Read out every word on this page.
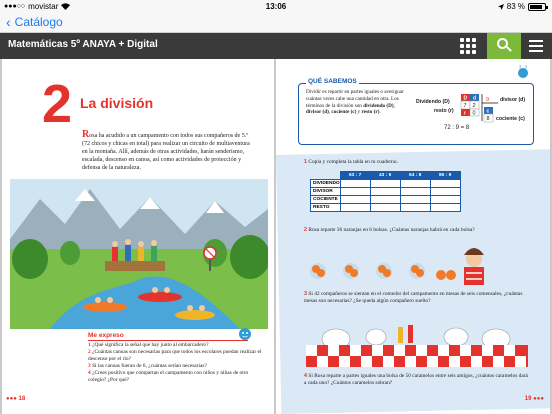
●●●○○ movistar	13:06	83 %
‹ Catálogo
Matemáticas 5º ANAYA + Digital
2 La división
Rosa ha acudido a un campamento con todos sus compañeros de 5.º (72 chicos y chicas en total) para realizar un circuito de multiaventura en la montaña. Allí, además de otras actividades, harán senderismo, escalada, descenso en canoa, así como actividades de protección y defensa de la naturaleza.
Me expreso
1 ¿Qué significa la señal que hay junto al embarcadero?
2 ¿Cuántas canoas son necesarias para que todos los escolares puedan realizar el descenso por el río?
3 Si las canoas fueran de 6, ¿cuántas serían necesarias?
4 ¿Crees positivo que compartan el campamento con niños y niñas de otro colegio? ¿Por qué?
●●● 18
QUÉ SABEMOS
? ?
Dividir es repartir en partes iguales o averiguar cuántas veces cabe una cantidad en otra. Los términos de la división son dividendo (D), divisor (d), cociente (c) y resto (r).
Dividendo (D)
resto (r)
D d
7 2
r 0
9 divisor (d)
c
8 cociente (c)
72 : 9 = 8
1 Copia y completa la tabla en tu cuaderno.
	63 : 7	43 : 6	64 : 8	85 : 9
DIVIDENDO				
DIVISOR				
COCIENTE				
RESTO				
2 Rosa reparte 36 naranjas en 6 bolsas. ¿Cuántas naranjas habrá en cada bolsa?
3 Si 42 compañeros se sientan en el comedor del campamento en mesas de seis comensales, ¿cuántas mesas son necesarias? ¿Se queda algún compañero suelto?
4 Si Rosa reparte a partes iguales una bolsa de 50 caramelos entre seis amigos, ¿cuántos caramelos dará a cada uno? ¿Cuántos caramelos sobran?
19 ●●●
